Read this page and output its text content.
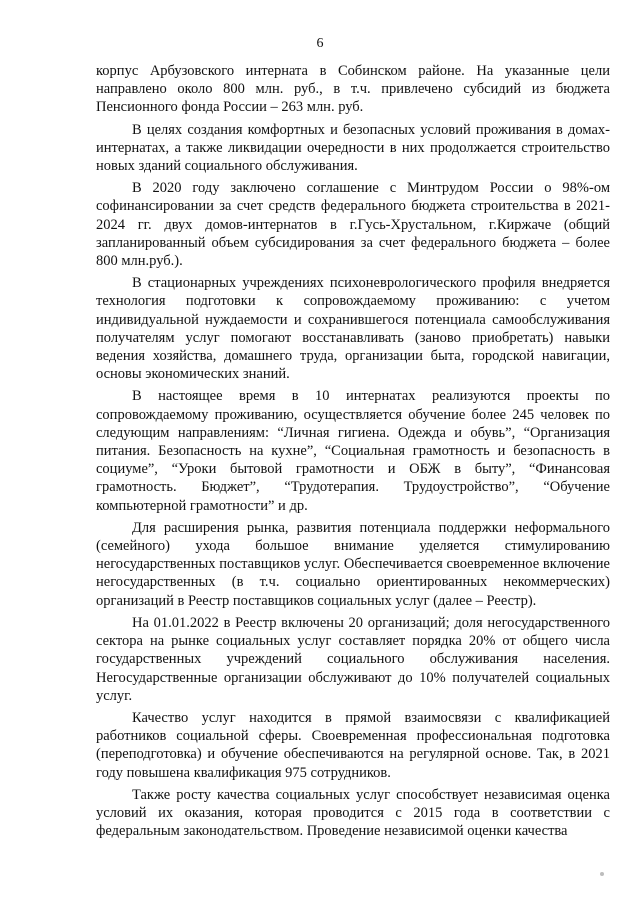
6

корпус Арбузовского интерната в Собинском районе. На указанные цели направлено около 800 млн. руб., в т.ч. привлечено субсидий из бюджета Пенсионного фонда России – 263 млн. руб.

В целях создания комфортных и безопасных условий проживания в домах-интернатах, а также ликвидации очередности в них продолжается строительство новых зданий социального обслуживания.

В 2020 году заключено соглашение с Минтрудом России о 98%-ом софинансировании за счет средств федерального бюджета строительства в 2021-2024 гг. двух домов-интернатов в г.Гусь-Хрустальном, г.Киржаче (общий запланированный объем субсидирования за счет федерального бюджета – более 800 млн.руб.).

В стационарных учреждениях психоневрологического профиля внедряется технология подготовки к сопровождаемому проживанию: с учетом индивидуальной нуждаемости и сохранившегося потенциала самообслуживания получателям услуг помогают восстанавливать (заново приобретать) навыки ведения хозяйства, домашнего труда, организации быта, городской навигации, основы экономических знаний.

В настоящее время в 10 интернатах реализуются проекты по сопровождаемому проживанию, осуществляется обучение более 245 человек по следующим направлениям: “Личная гигиена. Одежда и обувь”, “Организация питания. Безопасность на кухне”, “Социальная грамотность и безопасность в социуме”, “Уроки бытовой грамотности и ОБЖ в быту”, “Финансовая грамотность. Бюджет”, “Трудотерапия. Трудоустройство”, “Обучение компьютерной грамотности” и др.

Для расширения рынка, развития потенциала поддержки неформального (семейного) ухода большое внимание уделяется стимулированию негосударственных поставщиков услуг. Обеспечивается своевременное включение негосударственных (в т.ч. социально ориентированных некоммерческих) организаций в Реестр поставщиков социальных услуг (далее – Реестр).

На 01.01.2022 в Реестр включены 20 организаций; доля негосударственного сектора на рынке социальных услуг составляет порядка 20% от общего числа государственных учреждений социального обслуживания населения. Негосударственные организации обслуживают до 10% получателей социальных услуг.

Качество услуг находится в прямой взаимосвязи с квалификацией работников социальной сферы. Своевременная профессиональная подготовка (переподготовка) и обучение обеспечиваются на регулярной основе. Так, в 2021 году повышена квалификация 975 сотрудников.

Также росту качества социальных услуг способствует независимая оценка условий их оказания, которая проводится с 2015 года в соответствии с федеральным законодательством. Проведение независимой оценки качества
